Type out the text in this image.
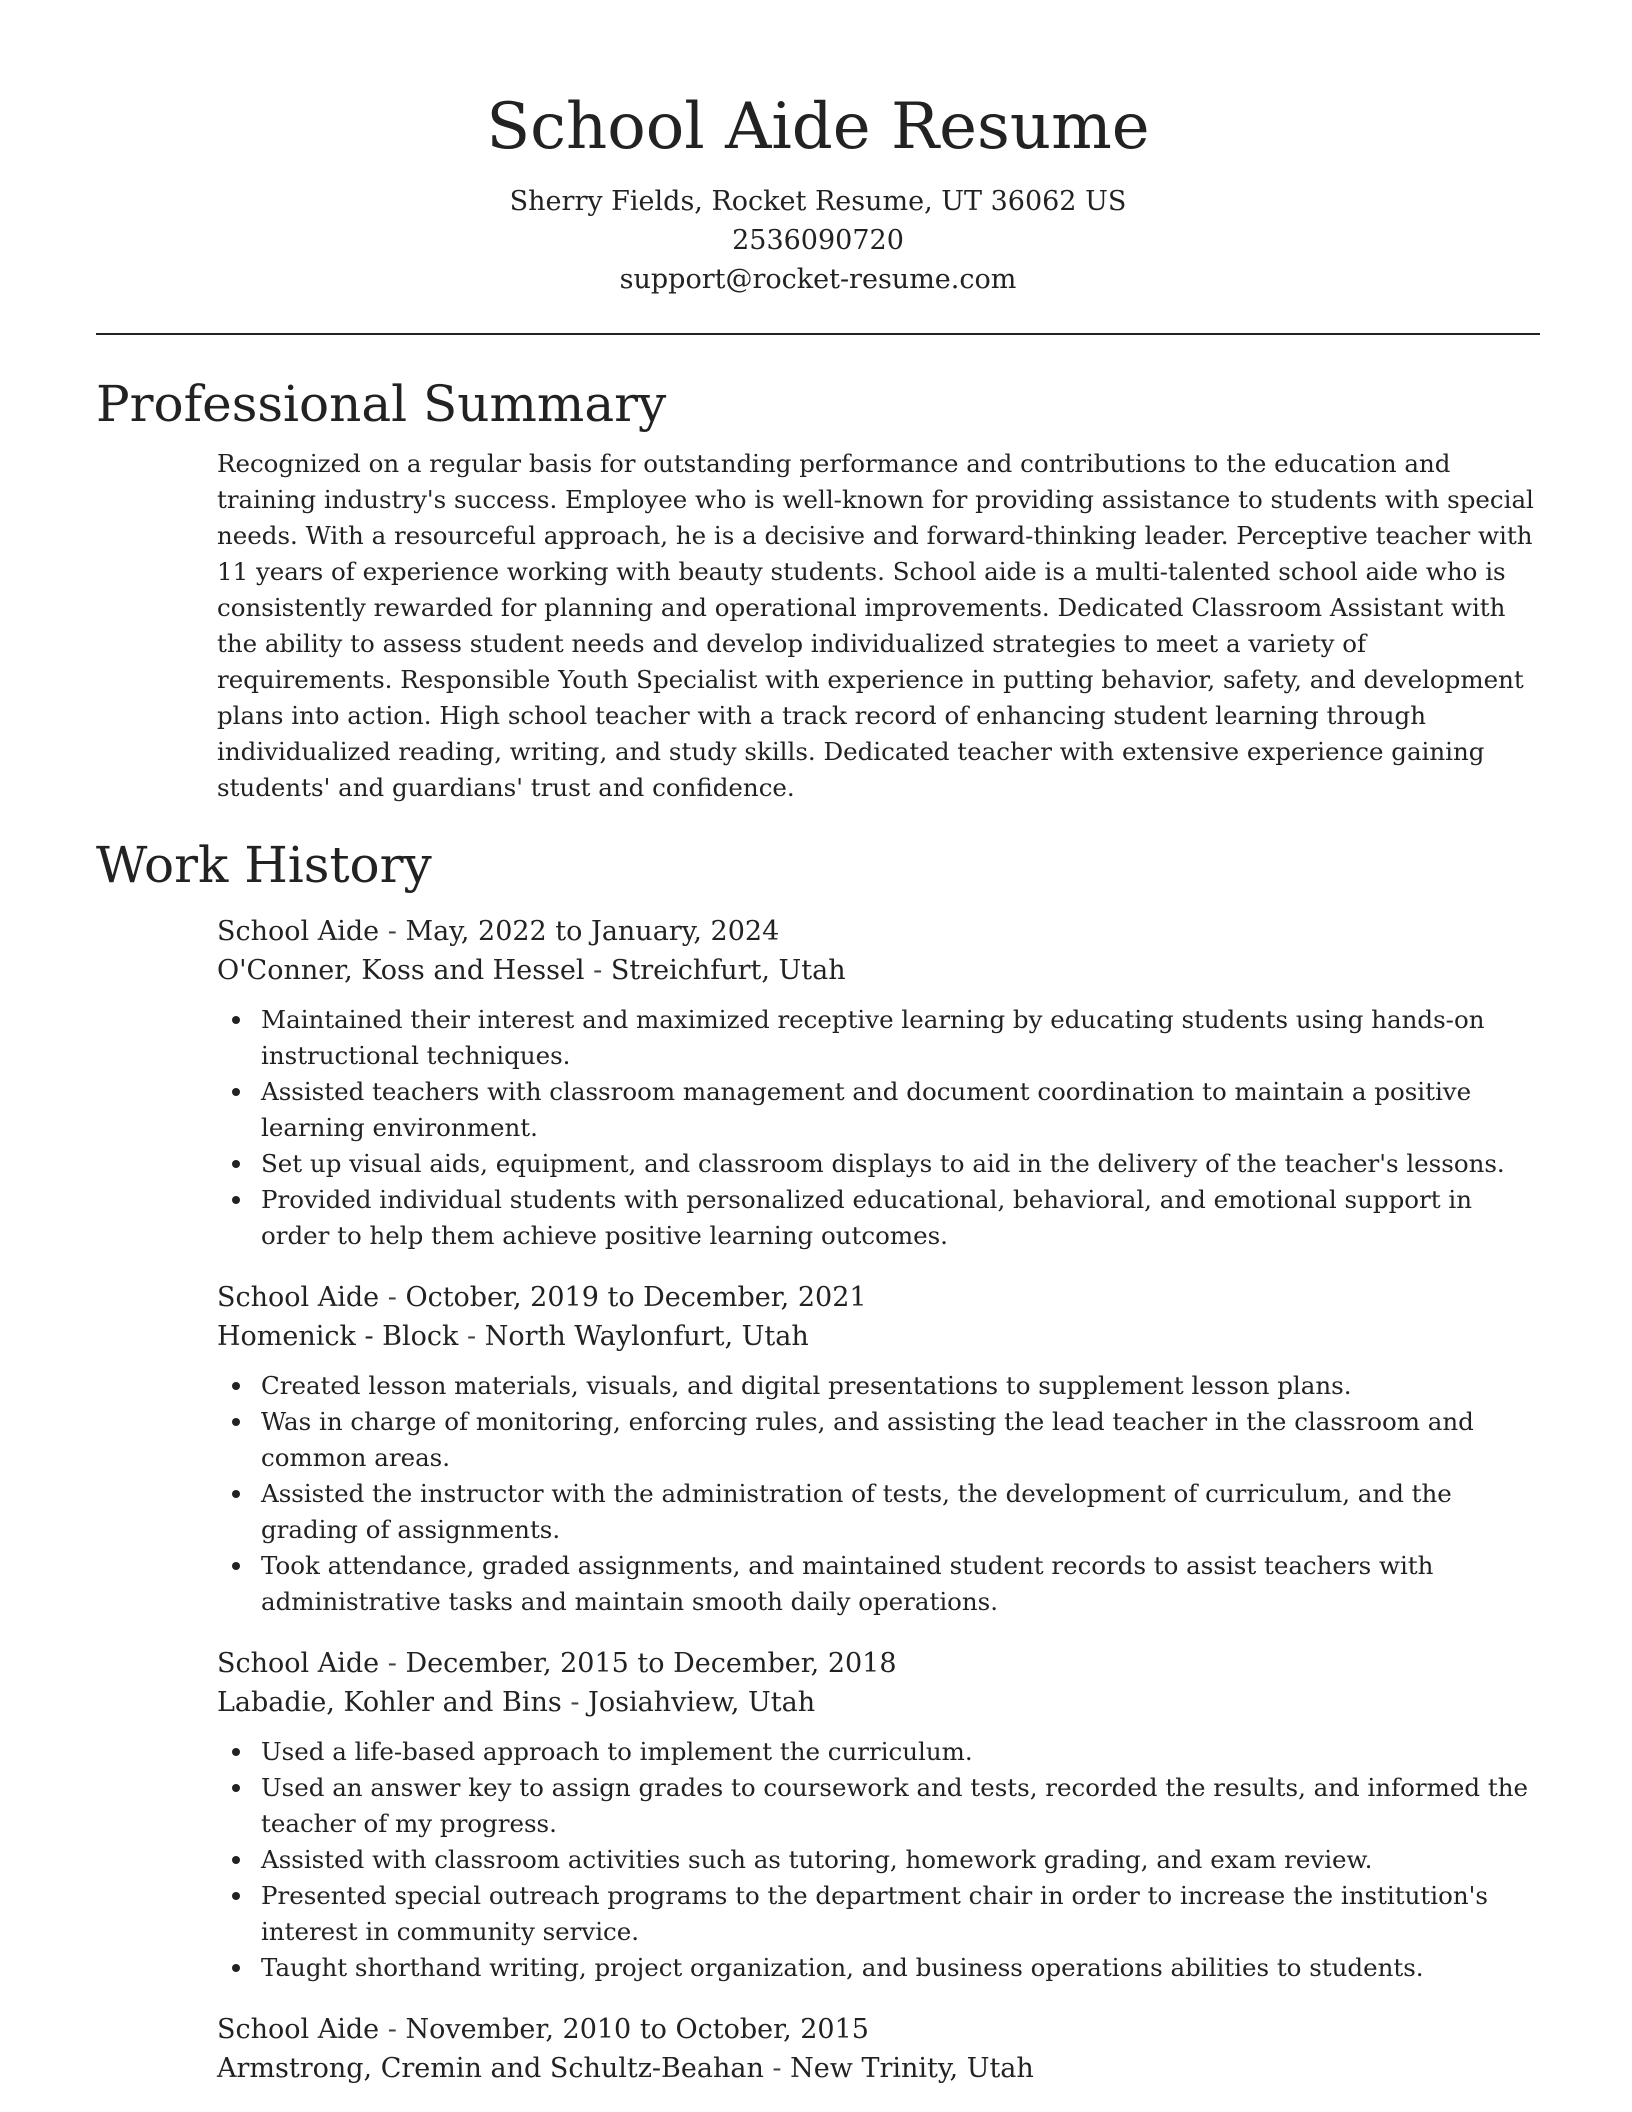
School Aide Resume
Sherry Fields, Rocket Resume, UT 36062 US
2536090720
support@rocket-resume.com
Professional Summary

Recognized on a regular basis for outstanding performance and contributions to the education and training industry's success. Employee who is well-known for providing assistance to students with special needs. With a resourceful approach, he is a decisive and forward-thinking leader. Perceptive teacher with 11 years of experience working with beauty students. School aide is a multi-talented school aide who is consistently rewarded for planning and operational improvements. Dedicated Classroom Assistant with the ability to assess student needs and develop individualized strategies to meet a variety of requirements. Responsible Youth Specialist with experience in putting behavior, safety, and development plans into action. High school teacher with a track record of enhancing student learning through individualized reading, writing, and study skills. Dedicated teacher with extensive experience gaining students' and guardians' trust and confidence.

Work History
School Aide - May, 2022 to January, 2024
O'Conner, Koss and Hessel - Streichfurt, Utah
Maintained their interest and maximized receptive learning by educating students using hands-on instructional techniques.
Assisted teachers with classroom management and document coordination to maintain a positive learning environment.
Set up visual aids, equipment, and classroom displays to aid in the delivery of the teacher's lessons.
Provided individual students with personalized educational, behavioral, and emotional support in order to help them achieve positive learning outcomes.
School Aide - October, 2019 to December, 2021
Homenick - Block - North Waylonfurt, Utah
Created lesson materials, visuals, and digital presentations to supplement lesson plans.
Was in charge of monitoring, enforcing rules, and assisting the lead teacher in the classroom and common areas.
Assisted the instructor with the administration of tests, the development of curriculum, and the grading of assignments.
Took attendance, graded assignments, and maintained student records to assist teachers with administrative tasks and maintain smooth daily operations.
School Aide - December, 2015 to December, 2018
Labadie, Kohler and Bins - Josiahview, Utah
Used a life-based approach to implement the curriculum.
Used an answer key to assign grades to coursework and tests, recorded the results, and informed the teacher of my progress.
Assisted with classroom activities such as tutoring, homework grading, and exam review.
Presented special outreach programs to the department chair in order to increase the institution's interest in community service.
Taught shorthand writing, project organization, and business operations abilities to students.
School Aide - November, 2010 to October, 2015
Armstrong, Cremin and Schultz-Beahan - New Trinity, Utah
